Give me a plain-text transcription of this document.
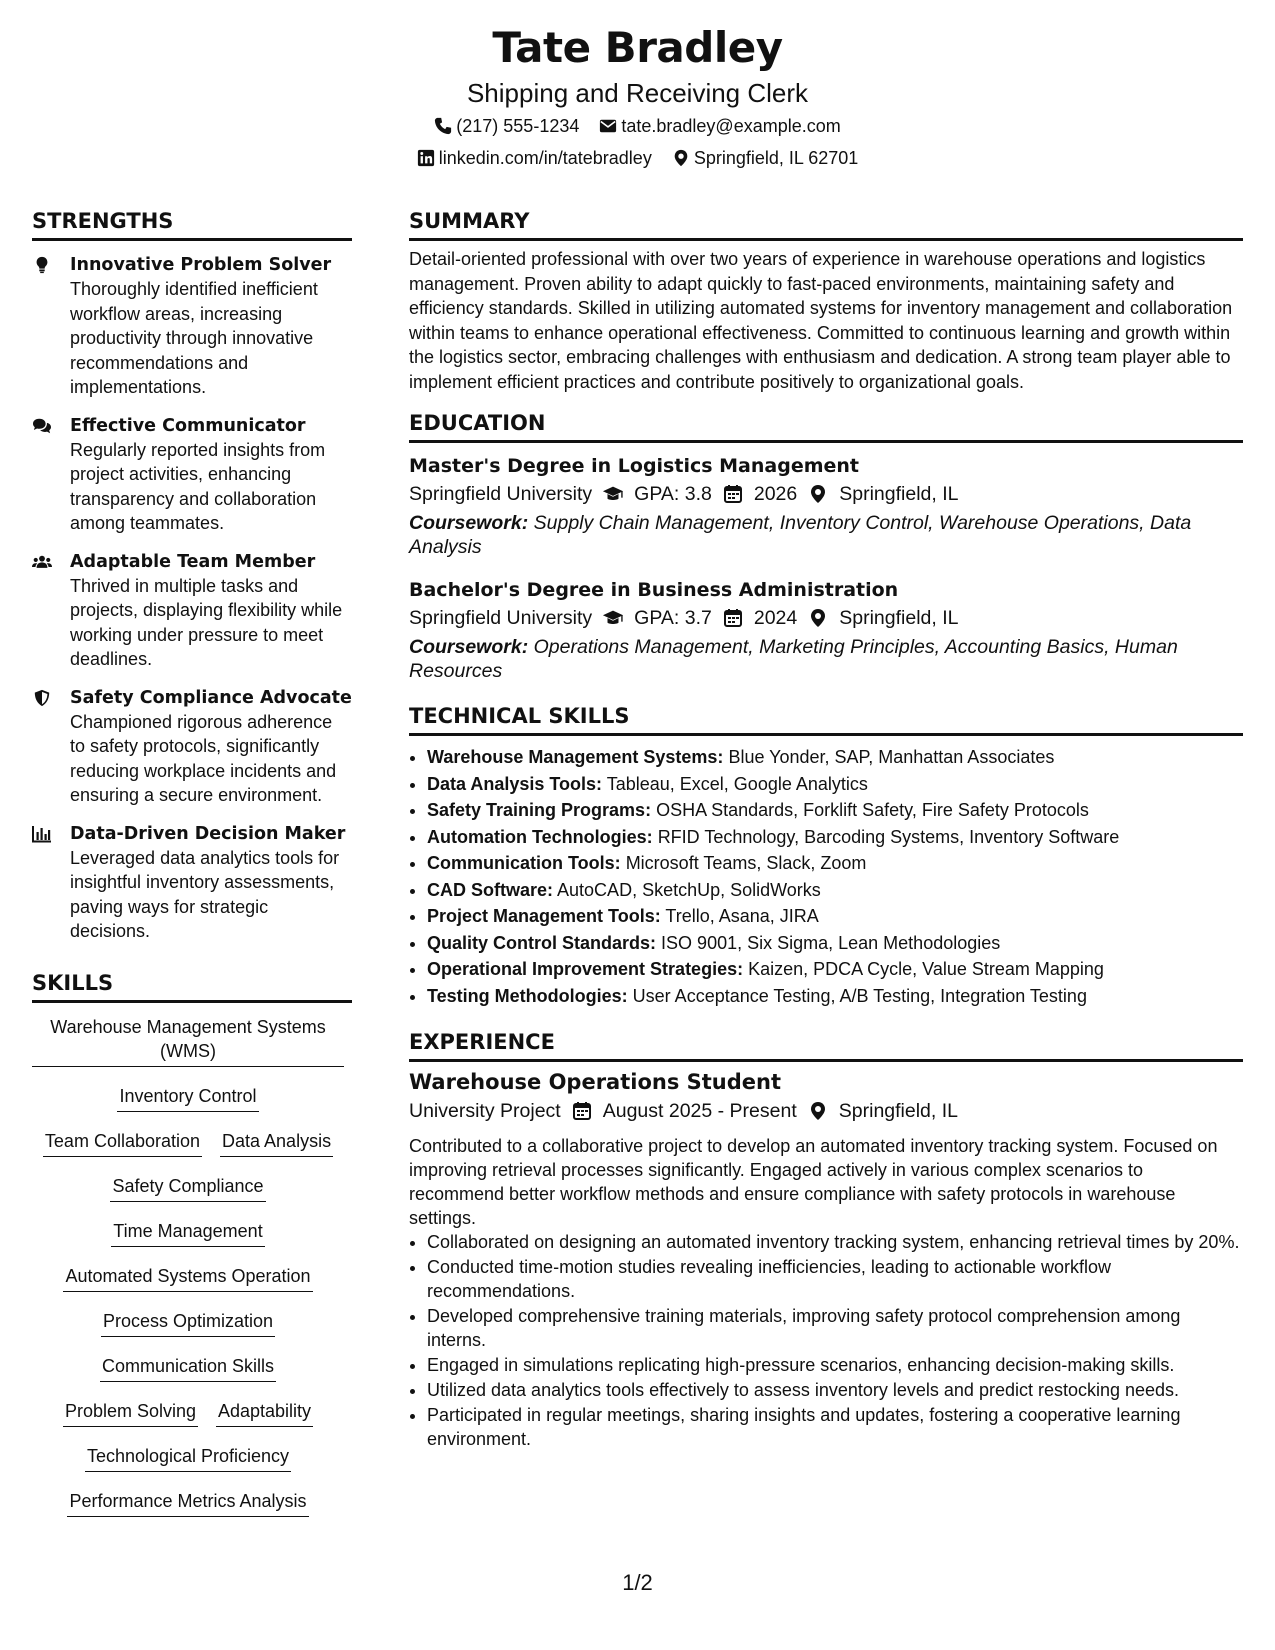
Tate Bradley
Shipping and Receiving Clerk
(217) 555-1234 tate.bradley@example.com
linkedin.com/in/tatebradley Springfield, IL 62701
STRENGTHS
Innovative Problem Solver
Thoroughly identified inefficient workflow areas, increasing productivity through innovative recommendations and implementations.
Effective Communicator
Regularly reported insights from project activities, enhancing transparency and collaboration among teammates.
Adaptable Team Member
Thrived in multiple tasks and projects, displaying flexibility while working under pressure to meet deadlines.
Safety Compliance Advocate
Championed rigorous adherence to safety protocols, significantly reducing workplace incidents and ensuring a secure environment.
Data-Driven Decision Maker
Leveraged data analytics tools for insightful inventory assessments, paving ways for strategic decisions.
SKILLS
Warehouse Management Systems (WMS)
Inventory Control
Team Collaboration Data Analysis
Safety Compliance
Time Management
Automated Systems Operation
Process Optimization
Communication Skills
Problem Solving Adaptability
Technological Proficiency
Performance Metrics Analysis
SUMMARY
Detail-oriented professional with over two years of experience in warehouse operations and logistics management. Proven ability to adapt quickly to fast-paced environments, maintaining safety and efficiency standards. Skilled in utilizing automated systems for inventory management and collaboration within teams to enhance operational effectiveness. Committed to continuous learning and growth within the logistics sector, embracing challenges with enthusiasm and dedication. A strong team player able to implement efficient practices and contribute positively to organizational goals.
EDUCATION
Master's Degree in Logistics Management
Springfield University GPA: 3.8 2026 Springfield, IL
Coursework: Supply Chain Management, Inventory Control, Warehouse Operations, Data Analysis
Bachelor's Degree in Business Administration
Springfield University GPA: 3.7 2024 Springfield, IL
Coursework: Operations Management, Marketing Principles, Accounting Basics, Human Resources
TECHNICAL SKILLS
• Warehouse Management Systems: Blue Yonder, SAP, Manhattan Associates
• Data Analysis Tools: Tableau, Excel, Google Analytics
• Safety Training Programs: OSHA Standards, Forklift Safety, Fire Safety Protocols
• Automation Technologies: RFID Technology, Barcoding Systems, Inventory Software
• Communication Tools: Microsoft Teams, Slack, Zoom
• CAD Software: AutoCAD, SketchUp, SolidWorks
• Project Management Tools: Trello, Asana, JIRA
• Quality Control Standards: ISO 9001, Six Sigma, Lean Methodologies
• Operational Improvement Strategies: Kaizen, PDCA Cycle, Value Stream Mapping
• Testing Methodologies: User Acceptance Testing, A/B Testing, Integration Testing
EXPERIENCE
Warehouse Operations Student
University Project August 2025 - Present Springfield, IL
Contributed to a collaborative project to develop an automated inventory tracking system. Focused on improving retrieval processes significantly. Engaged actively in various complex scenarios to recommend better workflow methods and ensure compliance with safety protocols in warehouse settings.
• Collaborated on designing an automated inventory tracking system, enhancing retrieval times by 20%.
• Conducted time-motion studies revealing inefficiencies, leading to actionable workflow recommendations.
• Developed comprehensive training materials, improving safety protocol comprehension among interns.
• Engaged in simulations replicating high-pressure scenarios, enhancing decision-making skills.
• Utilized data analytics tools effectively to assess inventory levels and predict restocking needs.
• Participated in regular meetings, sharing insights and updates, fostering a cooperative learning environment.
1/2
